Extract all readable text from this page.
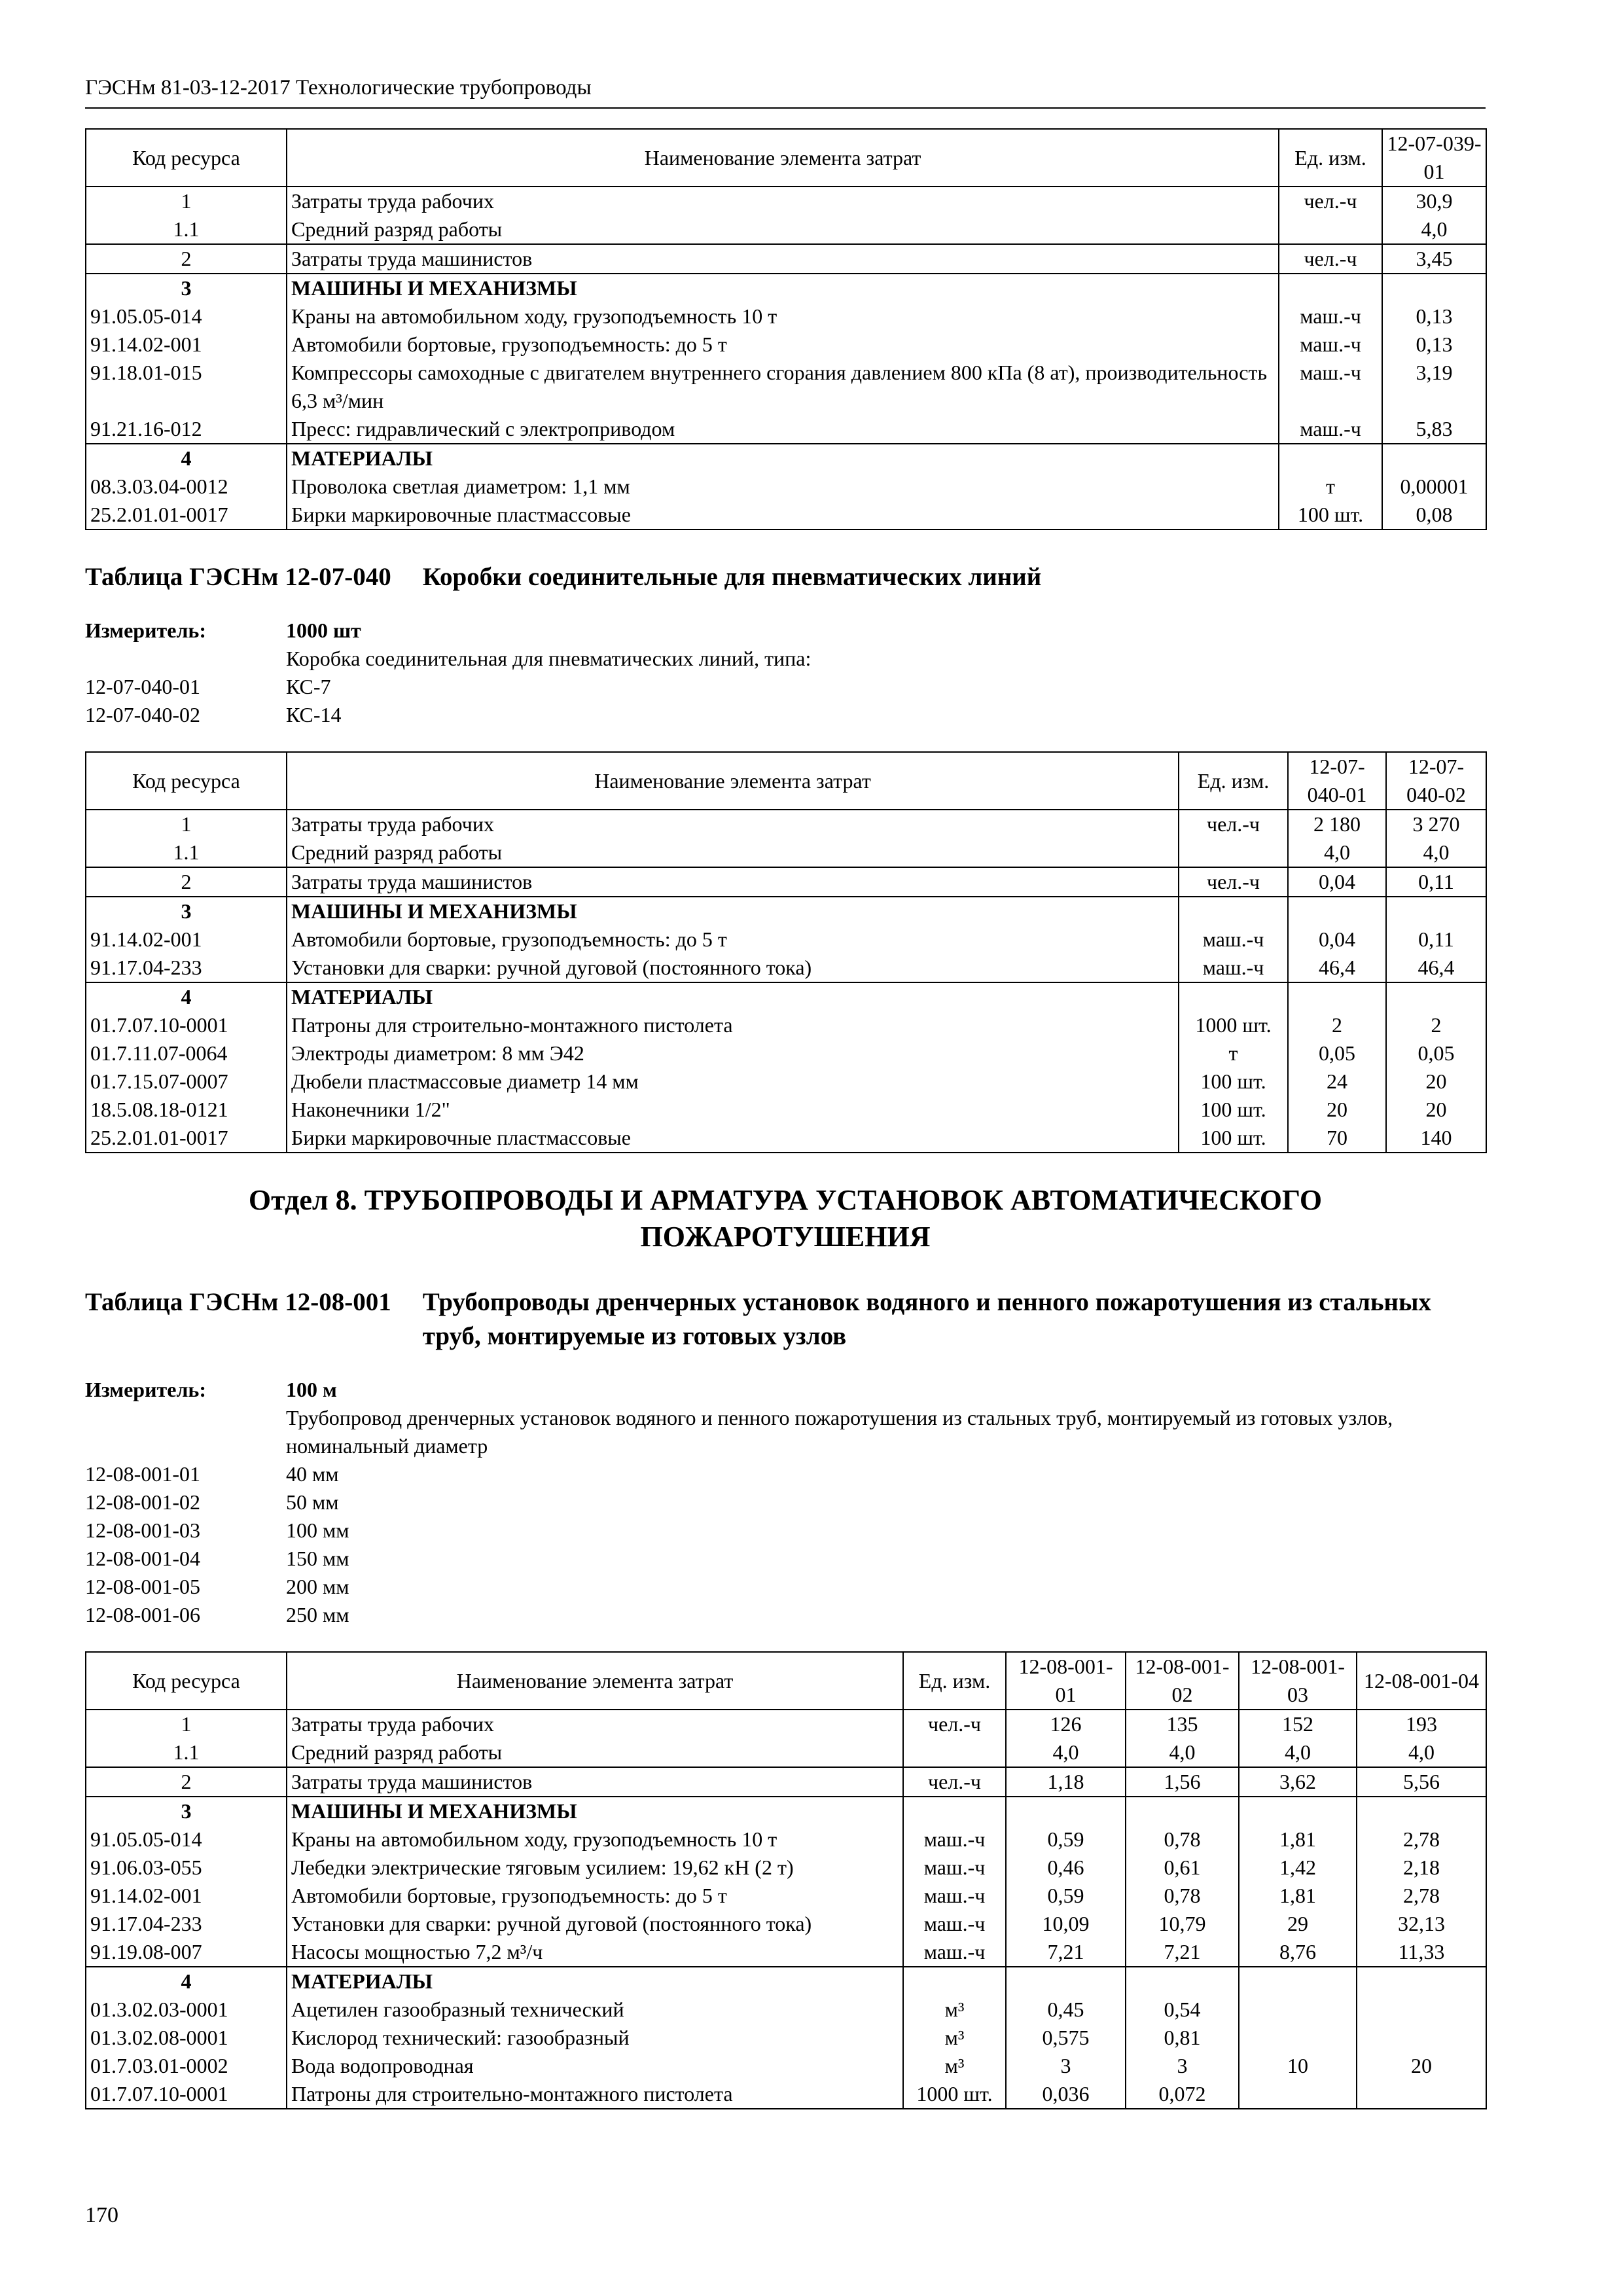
ГЭСНм 81-03-12-2017 Технологические трубопроводы
Код ресурса	Наименование элемента затрат	Ед. изм.	12-07-039-01
1	Затраты труда рабочих	чел.-ч	30,9
1.1	Средний разряд работы		4,0
2	Затраты труда машинистов	чел.-ч	3,45
3	МАШИНЫ И МЕХАНИЗМЫ		
91.05.05-014	Краны на автомобильном ходу, грузоподъемность 10 т	маш.-ч	0,13
91.14.02-001	Автомобили бортовые, грузоподъемность: до 5 т	маш.-ч	0,13
91.18.01-015	Компрессоры самоходные с двигателем внутреннего сгорания давлением 800 кПа (8 ат), производительность 6,3 м³/мин	маш.-ч	3,19
91.21.16-012	Пресс: гидравлический с электроприводом	маш.-ч	5,83
4	МАТЕРИАЛЫ		
08.3.03.04-0012	Проволока светлая диаметром: 1,1 мм	т	0,00001
25.2.01.01-0017	Бирки маркировочные пластмассовые	100 шт.	0,08
Таблица ГЭСНм 12-07-040 Коробки соединительные для пневматических линий
Измеритель:	1000 шт
Коробка соединительная для пневматических линий, типа:
12-07-040-01	КС-7
12-07-040-02	КС-14
Код ресурса	Наименование элемента затрат	Ед. изм.	12-07-040-01	12-07-040-02
1	Затраты труда рабочих	чел.-ч	2 180	3 270
1.1	Средний разряд работы		4,0	4,0
2	Затраты труда машинистов	чел.-ч	0,04	0,11
3	МАШИНЫ И МЕХАНИЗМЫ			
91.14.02-001	Автомобили бортовые, грузоподъемность: до 5 т	маш.-ч	0,04	0,11
91.17.04-233	Установки для сварки: ручной дуговой (постоянного тока)	маш.-ч	46,4	46,4
4	МАТЕРИАЛЫ			
01.7.07.10-0001	Патроны для строительно-монтажного пистолета	1000 шт.	2	2
01.7.11.07-0064	Электроды диаметром: 8 мм Э42	т	0,05	0,05
01.7.15.07-0007	Дюбели пластмассовые диаметр 14 мм	100 шт.	24	20
18.5.08.18-0121	Наконечники 1/2"	100 шт.	20	20
25.2.01.01-0017	Бирки маркировочные пластмассовые	100 шт.	70	140
Отдел 8. ТРУБОПРОВОДЫ И АРМАТУРА УСТАНОВОК АВТОМАТИЧЕСКОГО
ПОЖАРОТУШЕНИЯ
Таблица ГЭСНм 12-08-001 Трубопроводы дренчерных установок водяного и пенного пожаротушения из стальных труб, монтируемые из готовых узлов
Измеритель:	100 м
Трубопровод дренчерных установок водяного и пенного пожаротушения из стальных труб, монтируемый из готовых узлов, номинальный диаметр
12-08-001-01	40 мм
12-08-001-02	50 мм
12-08-001-03	100 мм
12-08-001-04	150 мм
12-08-001-05	200 мм
12-08-001-06	250 мм
Код ресурса	Наименование элемента затрат	Ед. изм.	12-08-001-01	12-08-001-02	12-08-001-03	12-08-001-04
1	Затраты труда рабочих	чел.-ч	126	135	152	193
1.1	Средний разряд работы		4,0	4,0	4,0	4,0
2	Затраты труда машинистов	чел.-ч	1,18	1,56	3,62	5,56
3	МАШИНЫ И МЕХАНИЗМЫ					
91.05.05-014	Краны на автомобильном ходу, грузоподъемность 10 т	маш.-ч	0,59	0,78	1,81	2,78
91.06.03-055	Лебедки электрические тяговым усилием: 19,62 кН (2 т)	маш.-ч	0,46	0,61	1,42	2,18
91.14.02-001	Автомобили бортовые, грузоподъемность: до 5 т	маш.-ч	0,59	0,78	1,81	2,78
91.17.04-233	Установки для сварки: ручной дуговой (постоянного тока)	маш.-ч	10,09	10,79	29	32,13
91.19.08-007	Насосы мощностью 7,2 м³/ч	маш.-ч	7,21	7,21	8,76	11,33
4	МАТЕРИАЛЫ					
01.3.02.03-0001	Ацетилен газообразный технический	м³	0,45	0,54		
01.3.02.08-0001	Кислород технический: газообразный	м³	0,575	0,81		
01.7.03.01-0002	Вода водопроводная	м³	3	3	10	20
01.7.07.10-0001	Патроны для строительно-монтажного пистолета	1000 шт.	0,036	0,072		
170
